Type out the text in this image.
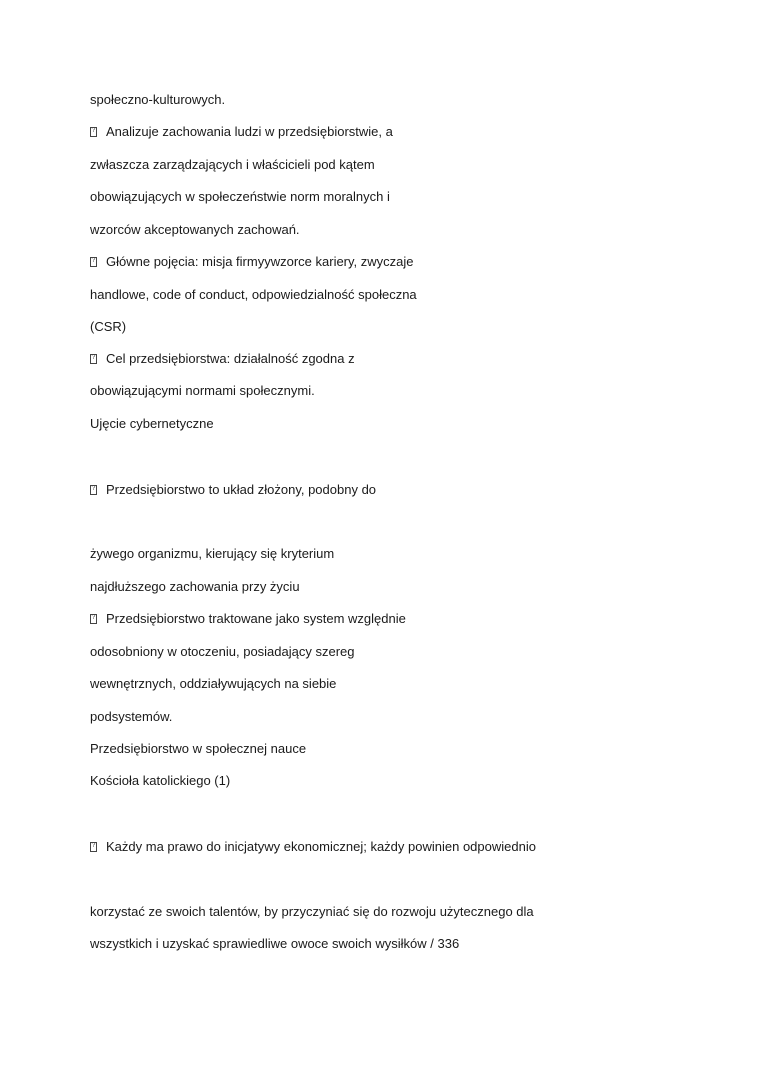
społeczno-kulturowych.
?Analizuje zachowania ludzi w przedsiębiorstwie, a
zwłaszcza zarządzających i właścicieli pod kątem
obowiązujących w społeczeństwie norm moralnych i
wzorców akceptowanych zachowań.
?Główne pojęcia: misja firmyywzorce kariery, zwyczaje
handlowe, code of conduct, odpowiedzialność społeczna
(CSR)
?Cel przedsiębiorstwa: działalność zgodna z
obowiązującymi normami społecznymi.
Ujęcie cybernetyczne
?Przedsiębiorstwo to układ złożony, podobny do
żywego organizmu, kierujący się kryterium
najdłuższego zachowania przy życiu
?Przedsiębiorstwo traktowane jako system względnie
odosobniony w otoczeniu, posiadający szereg
wewnętrznych, oddziaływujących na siebie
podsystemów.
Przedsiębiorstwo w społecznej nauce
Kościoła katolickiego (1)
?Każdy ma prawo do inicjatywy ekonomicznej; każdy powinien odpowiednio
korzystać ze swoich talentów, by przyczyniać się do rozwoju użytecznego dla
wszystkich i uzyskać sprawiedliwe owoce swoich wysiłków / 336
